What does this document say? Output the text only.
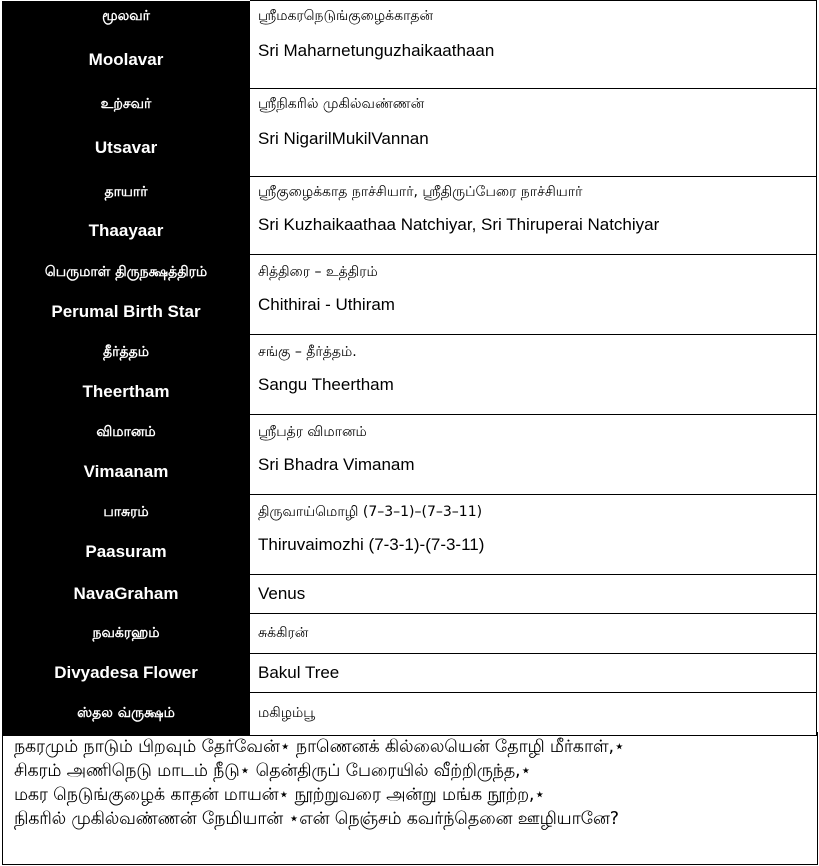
மூலவர்	ஸ்ரீமகரநெடுங்குழைக்காதன்
Moolavar	Sri Maharnetunguzhaikaathaan
உற்சவர்	ஸ்ரீநிகரில் முகில்வண்ணன்
Utsavar	Sri NigarilMukilVannan
தாயார்	ஸ்ரீகுழைக்காத நாச்சியார், ஸ்ரீதிருப்பேரை நாச்சியார்
Thaayaar	Sri Kuzhaikaathaa Natchiyar, Sri Thiruperai Natchiyar
பெருமாள் திருநக்ஷத்திரம்	சித்திரை – உத்திரம்
Perumal Birth Star	Chithirai - Uthiram
தீர்த்தம்	சங்கு – தீர்த்தம்.
Theertham	Sangu Theertham
விமானம்	ஸ்ரீபத்ர விமானம்
Vimaanam	Sri Bhadra Vimanam
பாசுரம்	திருவாய்மொழி (7–3–1)–(7–3–11)
Paasuram	Thiruvaimozhi (7-3-1)-(7-3-11)
NavaGraham	Venus
நவக்ரஹம்	சுக்கிரன்
Divyadesa Flower	Bakul Tree
ஸ்தல வ்ருக்ஷம்	மகிழம்பூ
நகரமும் நாடும் பிறவும் தேர்வேன்⋆ நாணெனக் கில்லையென் தோழி மீர்காள்,⋆
சிகரம் அணிநெடு மாடம் நீடு⋆ தென்திருப் பேரையில் வீற்றிருந்த,⋆
மகர நெடுங்குழைக் காதன் மாயன்⋆ நூற்றுவரை அன்று மங்க நூற்ற,⋆
நிகரில் முகில்வண்ணன் நேமியான் ⋆என் நெஞ்சம் கவர்ந்தெனை ஊழியானே?
